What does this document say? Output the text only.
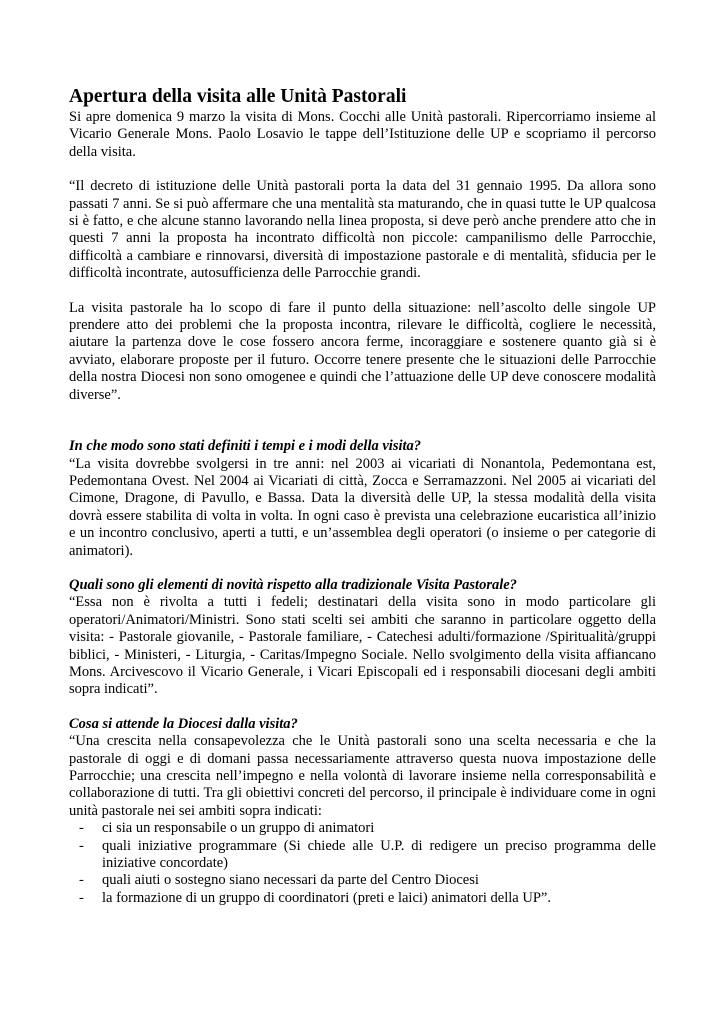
Apertura della visita alle Unità Pastorali

Si apre domenica 9 marzo la visita di Mons. Cocchi alle Unità pastorali. Ripercorriamo insieme al Vicario Generale Mons. Paolo Losavio le tappe dell’Istituzione delle UP e scopriamo il percorso della visita.

“Il decreto di istituzione delle Unità pastorali porta la data del 31 gennaio 1995. Da allora sono passati 7 anni. Se si può affermare che una mentalità sta maturando, che in quasi tutte le UP qualcosa si è fatto, e che alcune stanno lavorando nella linea proposta, si deve però anche prendere atto che in questi 7 anni la proposta ha incontrato difficoltà non piccole: campanilismo delle Parrocchie, difficoltà a cambiare e rinnovarsi, diversità di impostazione pastorale e di mentalità, sfiducia per le difficoltà incontrate, autosufficienza delle Parrocchie grandi.

La visita pastorale ha lo scopo di fare il punto della situazione: nell’ascolto delle singole UP prendere atto dei problemi che la proposta incontra, rilevare le difficoltà, cogliere le necessità, aiutare la partenza dove le cose fossero ancora ferme, incoraggiare e sostenere quanto già si è avviato, elaborare proposte per il futuro. Occorre tenere presente che le situazioni delle Parrocchie della nostra Diocesi non sono omogenee e quindi che l’attuazione delle UP deve conoscere modalità diverse”.

In che modo sono stati definiti i tempi e i modi della visita?

“La visita dovrebbe svolgersi in tre anni: nel 2003 ai vicariati di Nonantola, Pedemontana est, Pedemontana Ovest. Nel 2004 ai Vicariati di città, Zocca e Serramazzoni. Nel 2005 ai vicariati del Cimone, Dragone, di Pavullo, e Bassa. Data la diversità delle UP, la stessa modalità della visita dovrà essere stabilita di volta in volta. In ogni caso è prevista una celebrazione eucaristica all’inizio e un incontro conclusivo, aperti a tutti, e un’assemblea degli operatori (o insieme o per categorie di animatori).

Quali sono gli elementi di novità rispetto alla tradizionale Visita Pastorale?

“Essa non è rivolta a tutti i fedeli; destinatari della visita sono in modo particolare gli operatori/Animatori/Ministri. Sono stati scelti sei ambiti che saranno in particolare oggetto della visita: - Pastorale giovanile, - Pastorale familiare, - Catechesi adulti/formazione /Spiritualità/gruppi biblici, - Ministeri, - Liturgia, - Caritas/Impegno Sociale. Nello svolgimento della visita affiancano Mons. Arcivescovo il Vicario Generale, i Vicari Episcopali ed i responsabili diocesani degli ambiti sopra indicati”.

Cosa si attende la Diocesi dalla visita?

“Una crescita nella consapevolezza che le Unità pastorali sono una scelta necessaria e che la pastorale di oggi e di domani passa necessariamente attraverso questa nuova impostazione delle Parrocchie; una crescita nell’impegno e nella volontà di lavorare insieme nella corresponsabilità e collaborazione di tutti. Tra gli obiettivi concreti del percorso, il principale è individuare come in ogni unità pastorale nei sei ambiti sopra indicati:

- ci sia un responsabile o un gruppo di animatori
- quali iniziative programmare (Si chiede alle U.P. di redigere un preciso programma delle iniziative concordate)
- quali aiuti o sostegno siano necessari da parte del Centro Diocesi
- la formazione di un gruppo di coordinatori (preti e laici) animatori della UP”.
